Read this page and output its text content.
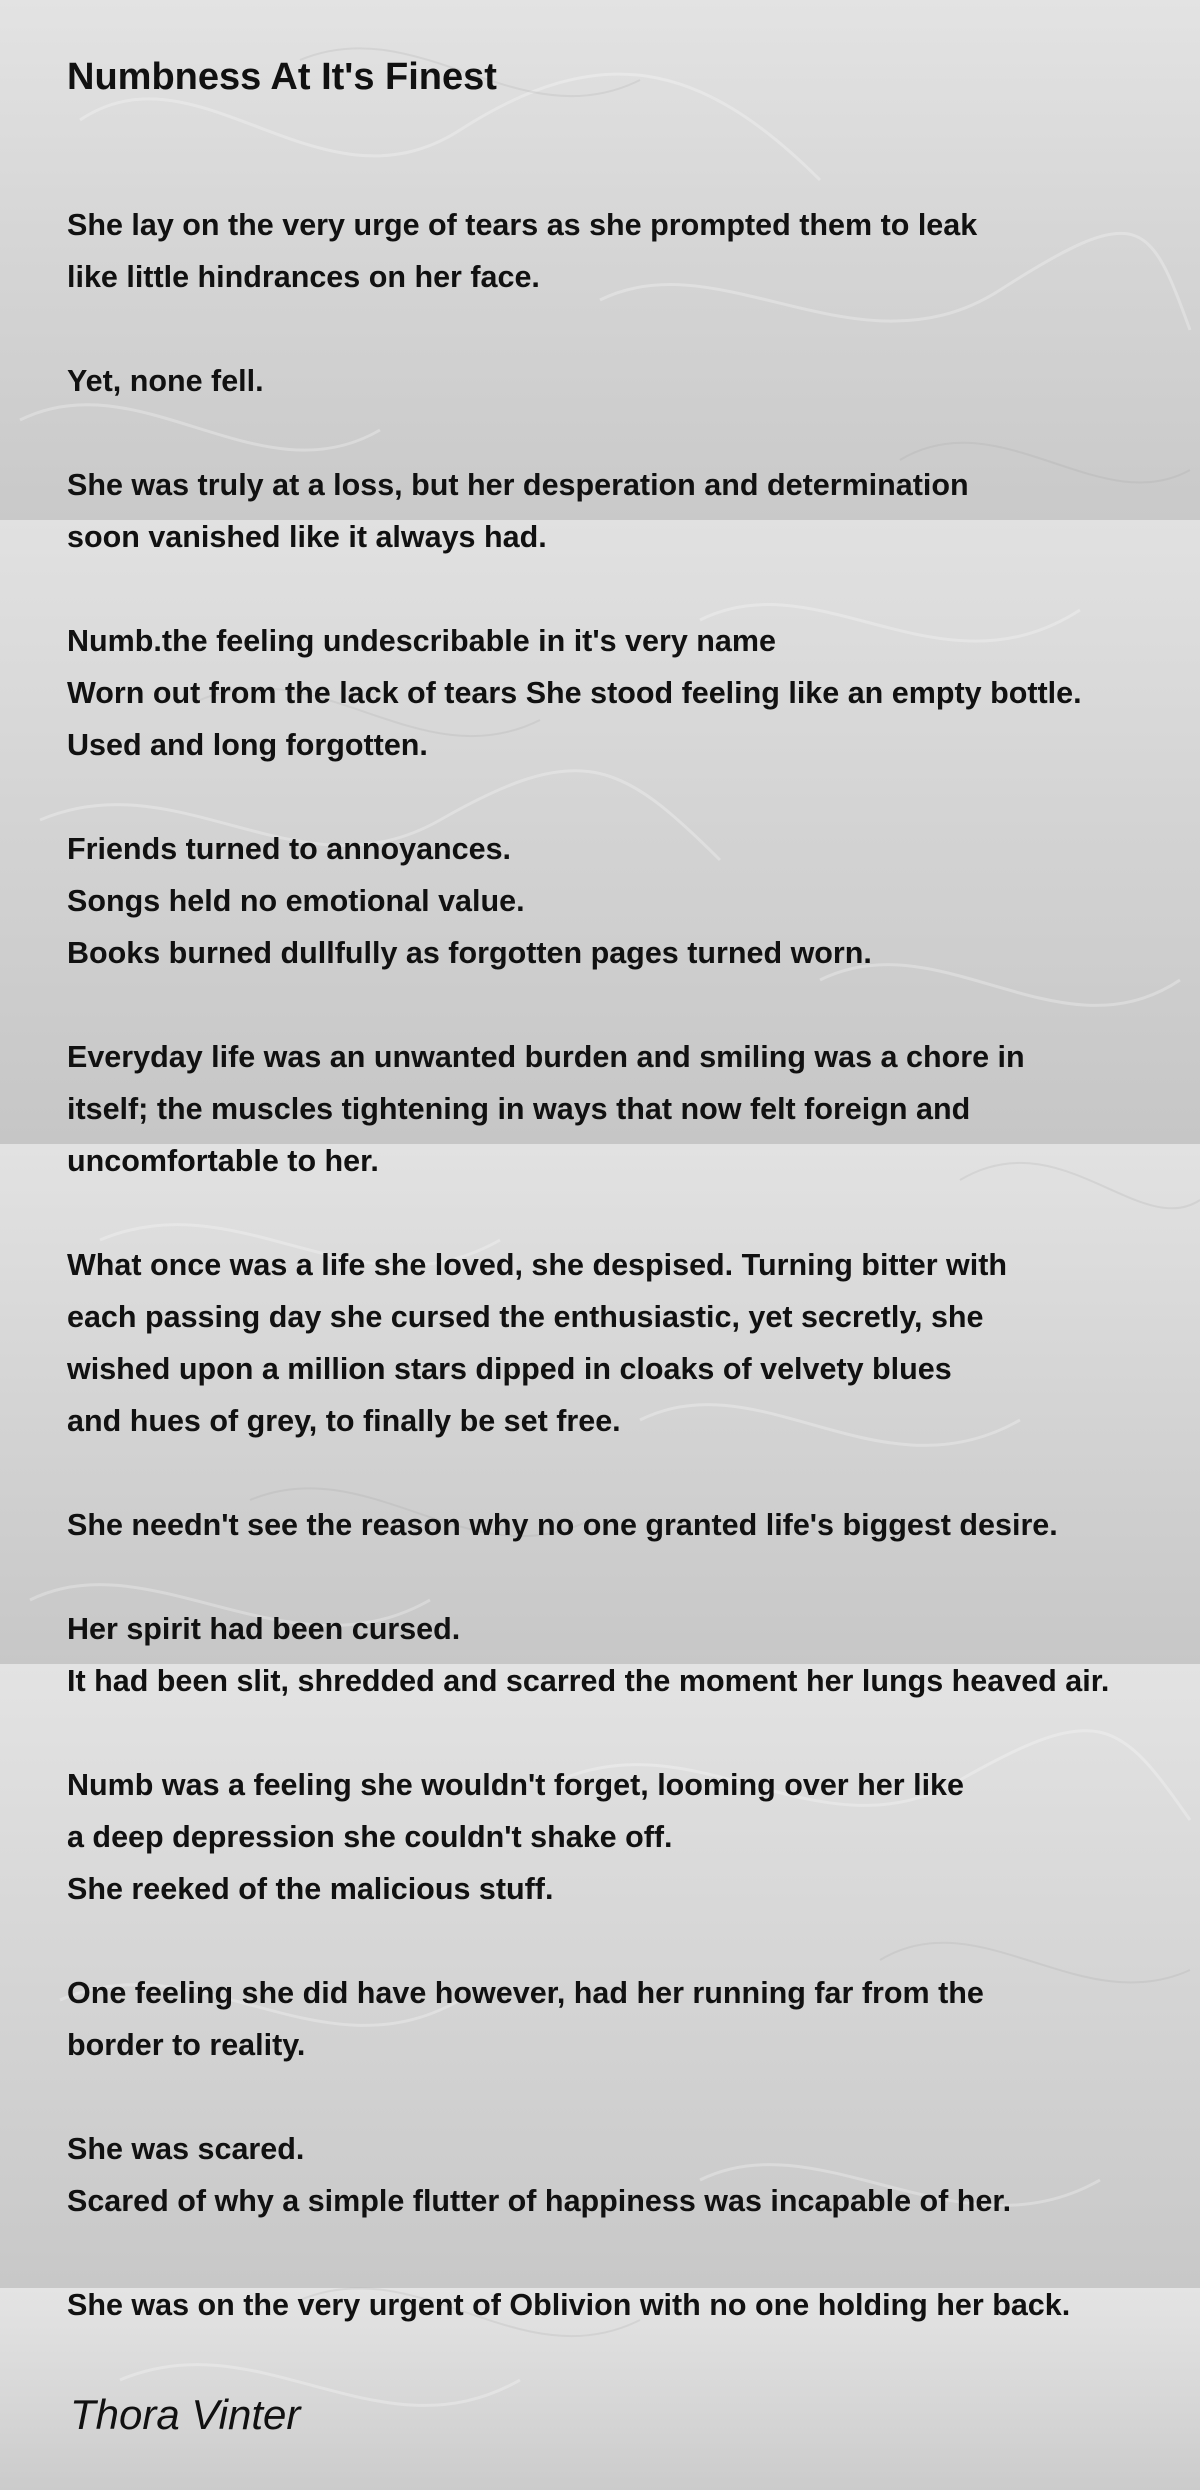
Numbness At It's Finest

She lay on the very urge of tears as she prompted them to leak
like little hindrances on her face.

Yet, none fell.

She was truly at a loss, but her desperation and determination
soon vanished like it always had.

Numb.the feeling undescribable in it's very name
Worn out from the lack of tears She stood feeling like an empty bottle.
Used and long forgotten.

Friends turned to annoyances.
Songs held no emotional value.
Books burned dullfully as forgotten pages turned worn.

Everyday life was an unwanted burden and smiling was a chore in
itself; the muscles tightening in ways that now felt foreign and
uncomfortable to her.

What once was a life she loved, she despised. Turning bitter with
each passing day she cursed the enthusiastic, yet secretly, she
wished upon a million stars dipped in cloaks of velvety blues
and hues of grey, to finally be set free.

She needn't see the reason why no one granted life's biggest desire.

Her spirit had been cursed.
It had been slit, shredded and scarred the moment her lungs heaved air.

Numb was a feeling she wouldn't forget, looming over her like
a deep depression she couldn't shake off.
She reeked of the malicious stuff.

One feeling she did have however, had her running far from the
border to reality.

She was scared.
Scared of why a simple flutter of happiness was incapable of her.

She was on the very urgent of Oblivion with no one holding her back.

Thora Vinter
